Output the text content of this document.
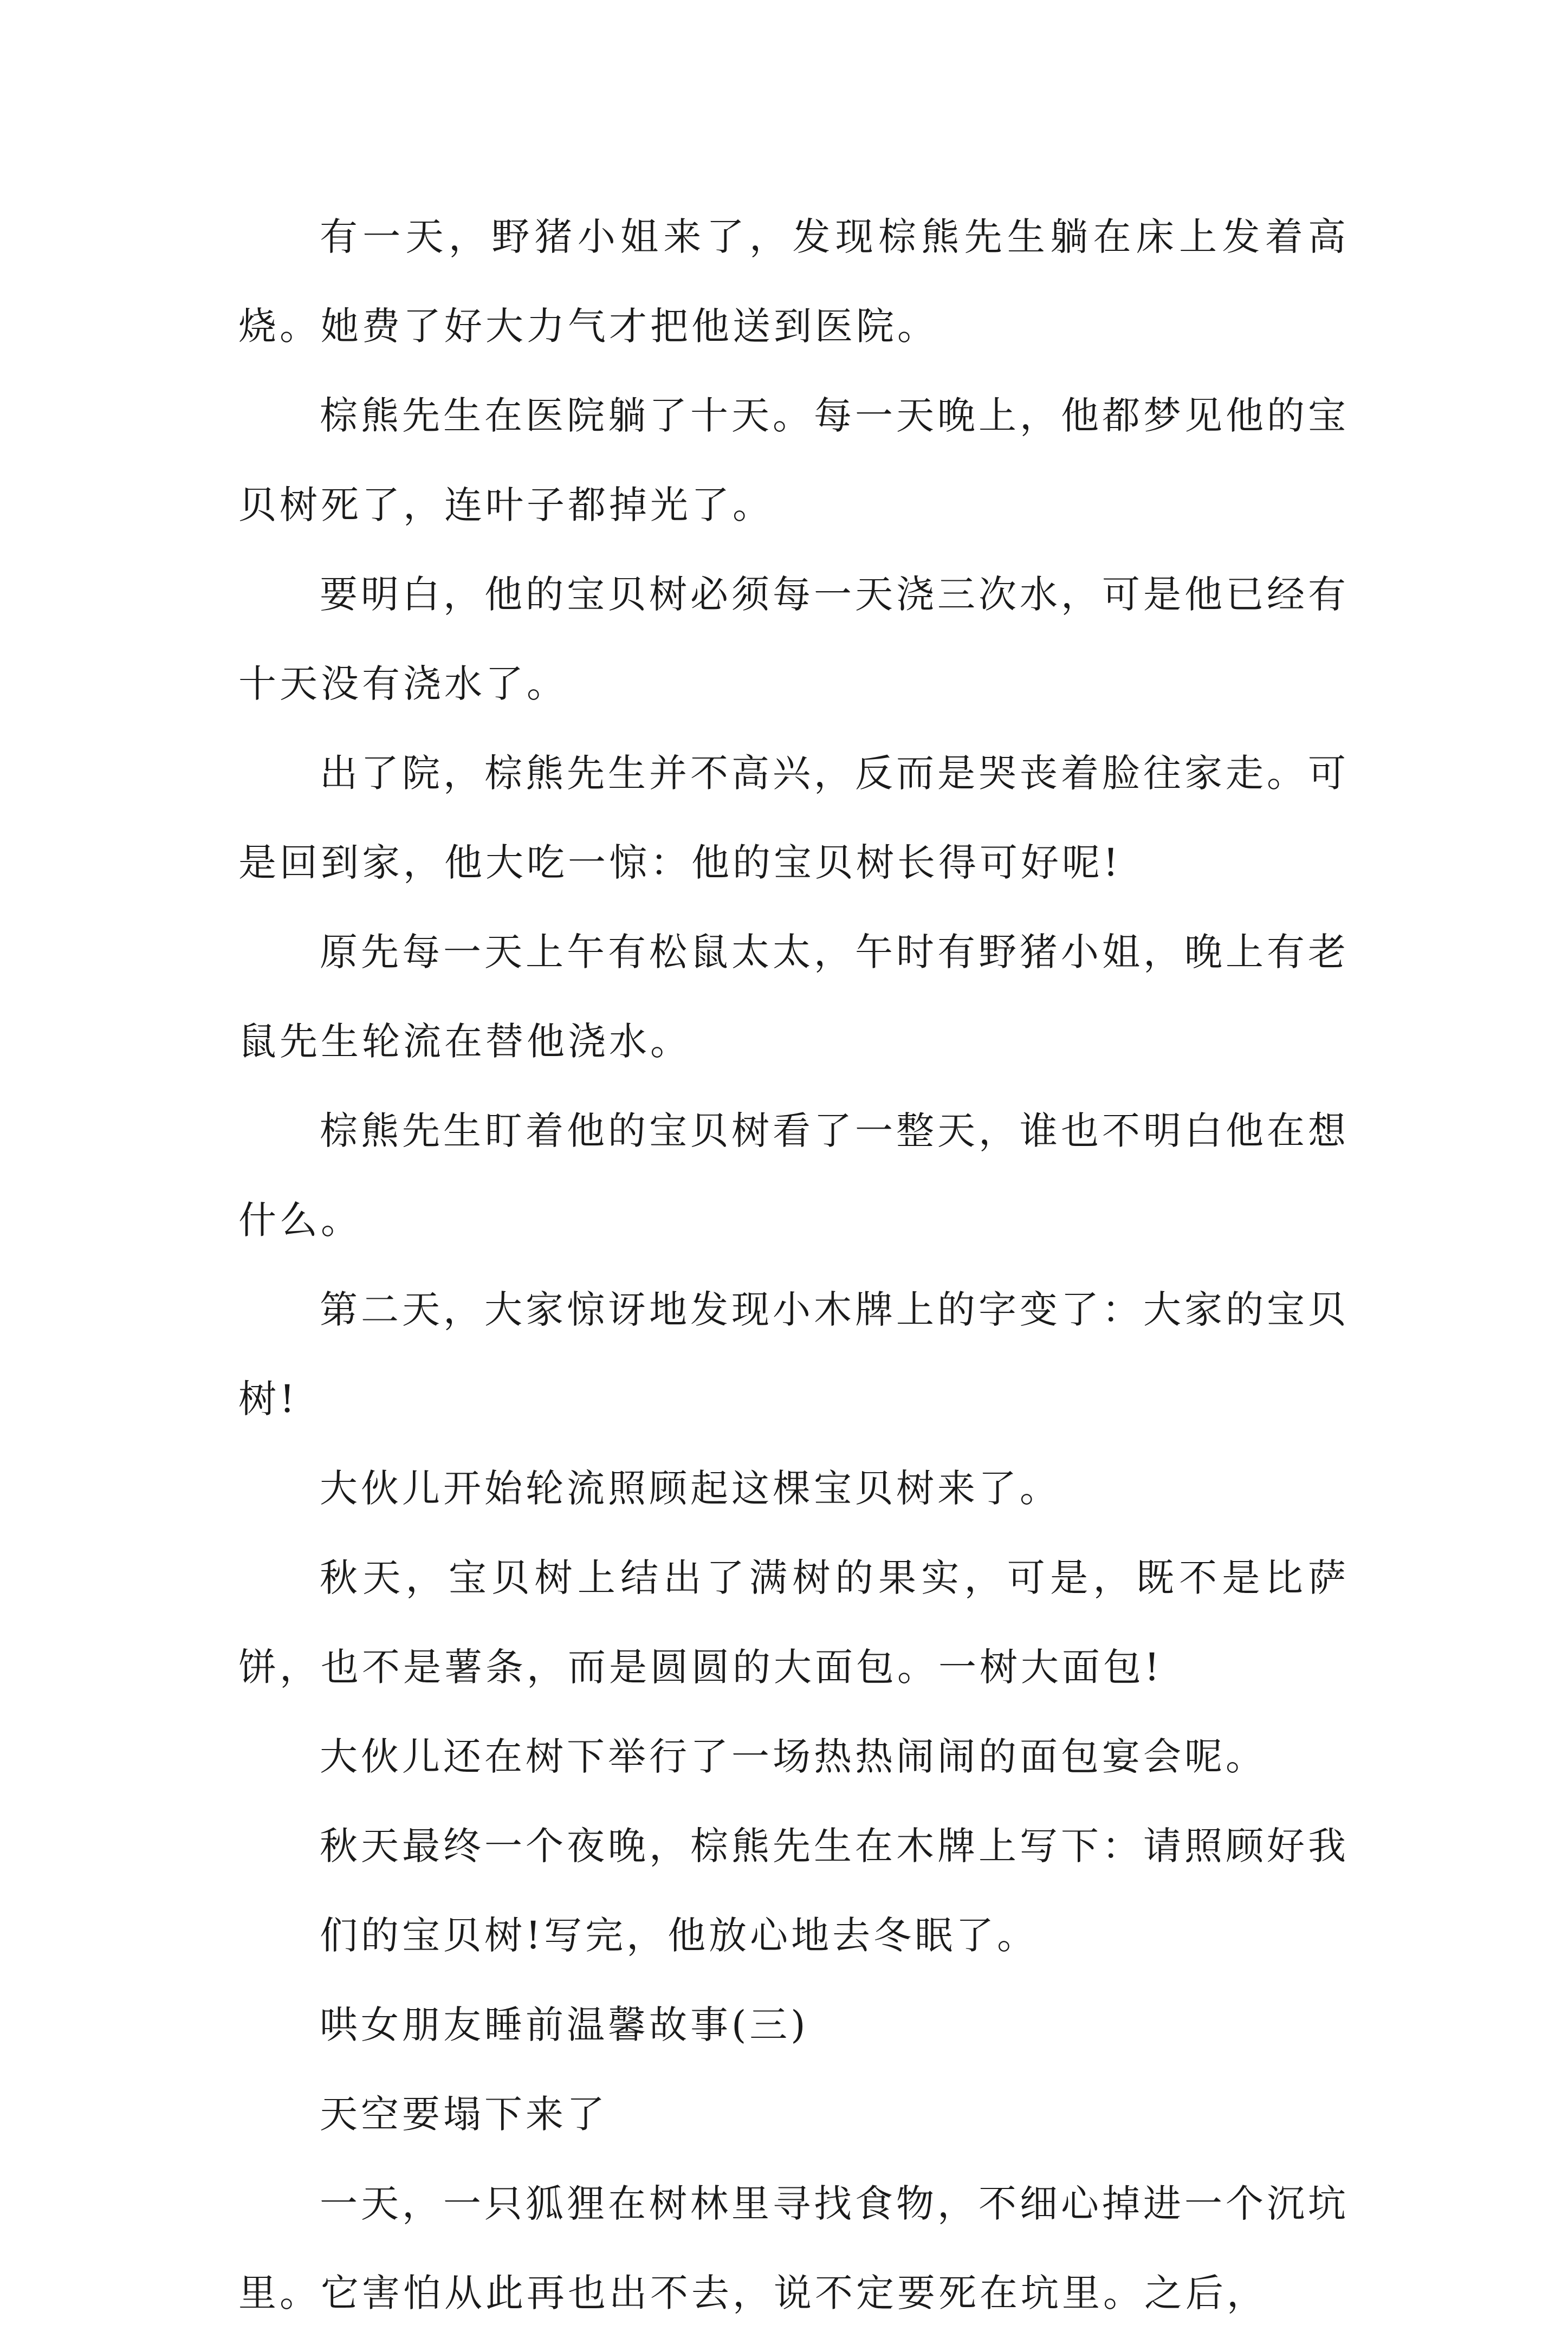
有一天，野猪小姐来了，发现棕熊先生躺在床上发着高烧。她费了好大力气才把他送到医院。

棕熊先生在医院躺了十天。每一天晚上，他都梦见他的宝贝树死了，连叶子都掉光了。

要明白，他的宝贝树必须每一天浇三次水，可是他已经有十天没有浇水了。

出了院，棕熊先生并不高兴，反而是哭丧着脸往家走。可是回到家，他大吃一惊：他的宝贝树长得可好呢!

原先每一天上午有松鼠太太，午时有野猪小姐，晚上有老鼠先生轮流在替他浇水。

棕熊先生盯着他的宝贝树看了一整天，谁也不明白他在想什么。

第二天，大家惊讶地发现小木牌上的字变了：大家的宝贝树!

大伙儿开始轮流照顾起这棵宝贝树来了。

秋天，宝贝树上结出了满树的果实，可是，既不是比萨饼，也不是薯条，而是圆圆的大面包。一树大面包!

大伙儿还在树下举行了一场热热闹闹的面包宴会呢。

秋天最终一个夜晚，棕熊先生在木牌上写下：请照顾好我们的宝贝树!写完，他放心地去冬眠了。

哄女朋友睡前温馨故事(三)

天空要塌下来了

一天，一只狐狸在树林里寻找食物，不细心掉进一个沉坑里。它害怕从此再也出不去，说不定要死在坑里。之后，
